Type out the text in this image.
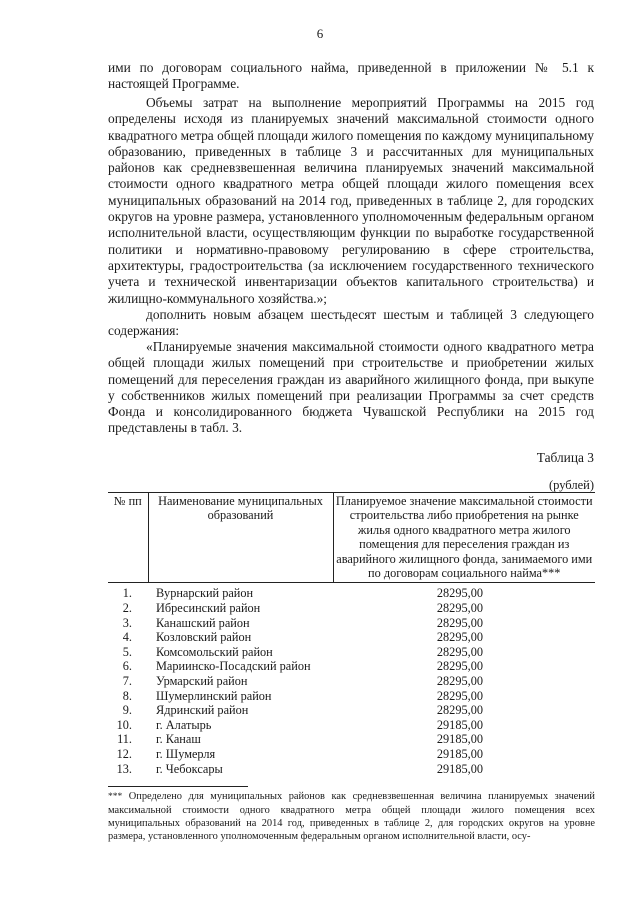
6
ими по договорам социального найма, приведенной в приложении № 5.1 к настоящей Программе.
Объемы затрат на выполнение мероприятий Программы на 2015 год определены исходя из планируемых значений максимальной стоимости одного квадратного метра общей площади жилого помещения по каждому муниципальному образованию, приведенных в таблице 3 и рассчитанных для муниципальных районов как средневзвешенная величина планируемых значений максимальной стоимости одного квадратного метра общей площади жилого помещения всех муниципальных образований на 2014 год, приведенных в таблице 2, для городских округов на уровне размера, установленного уполномоченным федеральным органом исполнительной власти, осуществляющим функции по выработке государственной политики и нормативно-правовому регулированию в сфере строительства, архитектуры, градостроительства (за исключением государственного технического учета и технической инвентаризации объектов капитального строительства) и жилищно-коммунального хозяйства.»;
дополнить новым абзацем шестьдесят шестым и таблицей 3 следующего содержания:
«Планируемые значения максимальной стоимости одного квадратного метра общей площади жилых помещений при строительстве и приобретении жилых помещений для переселения граждан из аварийного жилищного фонда, при выкупе у собственников жилых помещений при реализации Программы за счет средств Фонда и консолидированного бюджета Чувашской Республики на 2015 год представлены в табл. 3.
Таблица 3
(рублей)
№ пп	Наименование муниципальных образований	Планируемое значение максимальной стоимости строительства либо приобретения на рынке жилья одного квадратного метра жилого помещения для переселения граждан из аварийного жилищного фонда, занимаемого ими по договорам социального найма***
1.	Вурнарский район	28295,00
2.	Ибресинский район	28295,00
3.	Канашский район	28295,00
4.	Козловский район	28295,00
5.	Комсомольский район	28295,00
6.	Мариинско-Посадский район	28295,00
7.	Урмарский район	28295,00
8.	Шумерлинский район	28295,00
9.	Ядринский район	28295,00
10.	г. Алатырь	29185,00
11.	г. Канаш	29185,00
12.	г. Шумерля	29185,00
13.	г. Чебоксары	29185,00
*** Определено для муниципальных районов как средневзвешенная величина планируемых значений максимальной стоимости одного квадратного метра общей площади жилого помещения всех муниципальных образований на 2014 год, приведенных в таблице 2, для городских округов на уровне размера, установленного уполномоченным федеральным органом исполнительной власти, осу-
